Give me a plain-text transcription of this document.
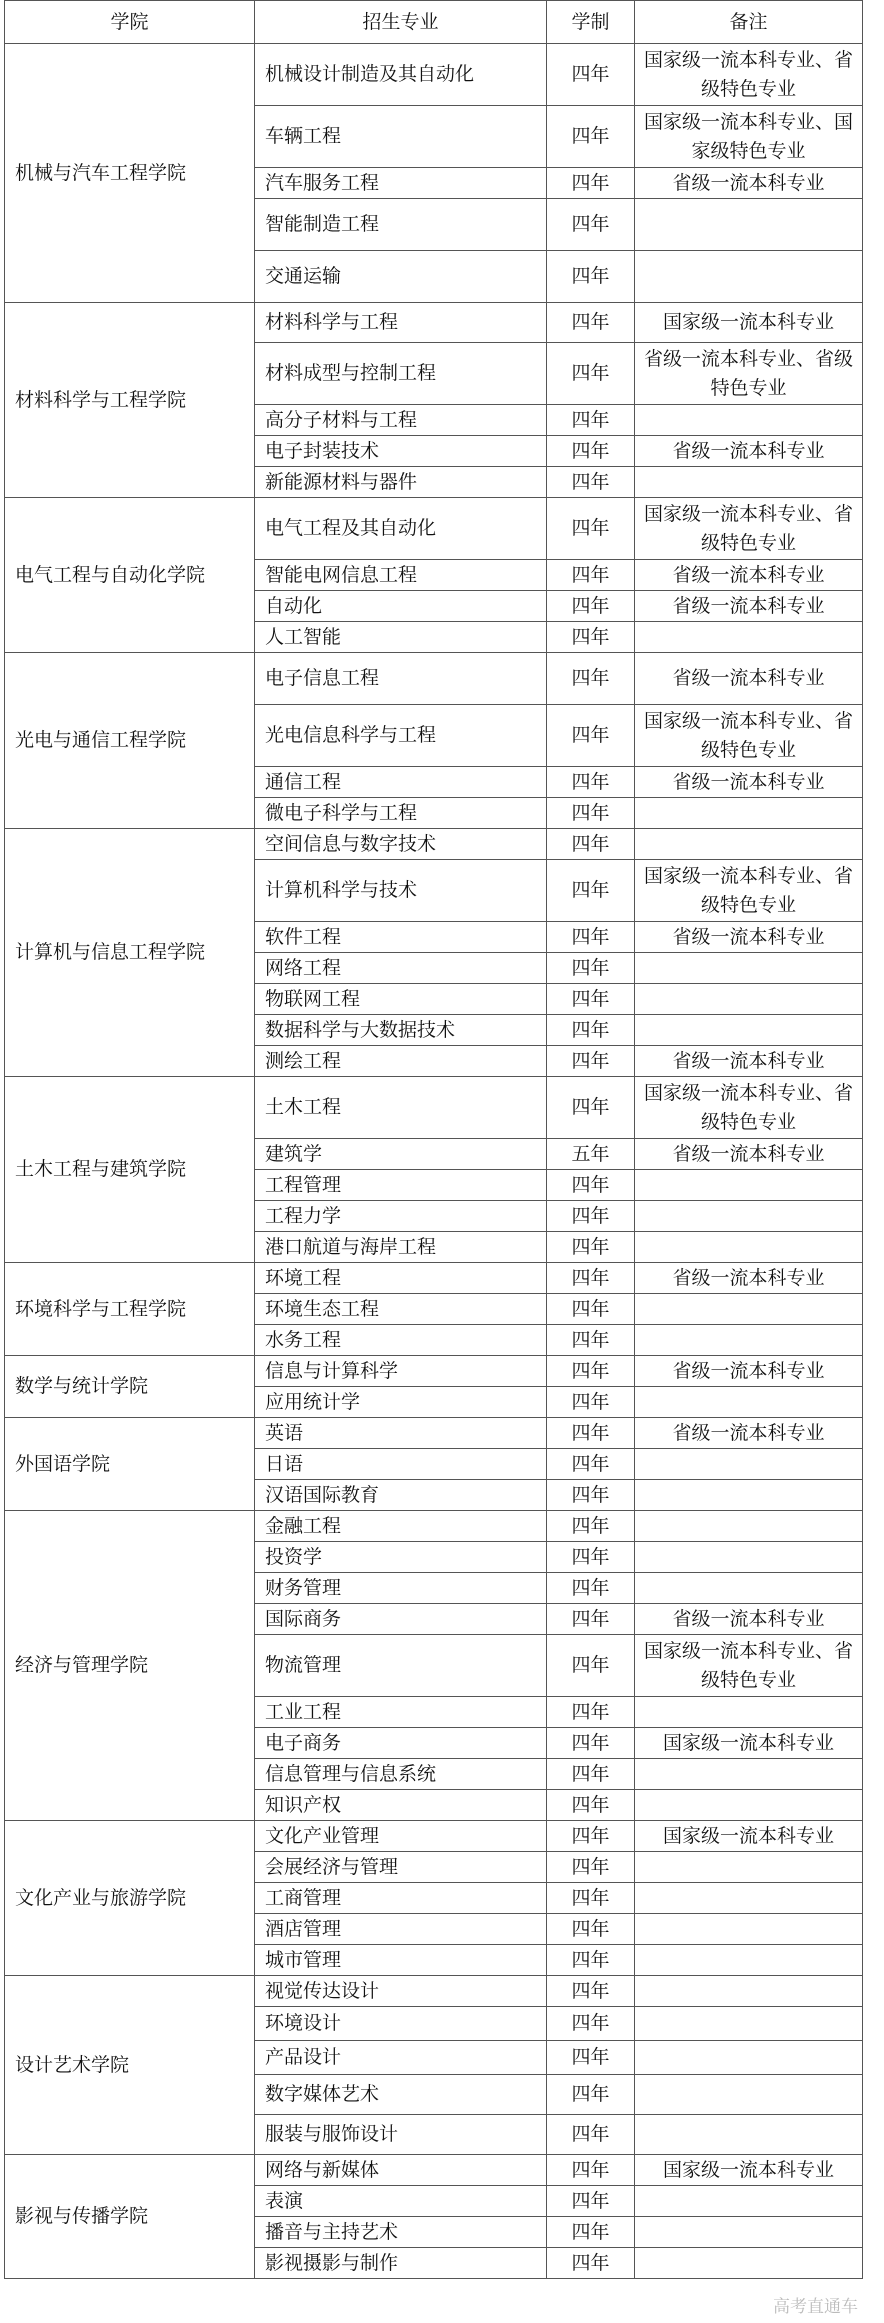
学院	招生专业	学制	备注
机械与汽车工程学院	机械设计制造及其自动化	四年	国家级一流本科专业、省级特色专业
	车辆工程	四年	国家级一流本科专业、国家级特色专业
	汽车服务工程	四年	省级一流本科专业
	智能制造工程	四年	
	交通运输	四年	
材料科学与工程学院	材料科学与工程	四年	国家级一流本科专业
	材料成型与控制工程	四年	省级一流本科专业、省级特色专业
	高分子材料与工程	四年	
	电子封装技术	四年	省级一流本科专业
	新能源材料与器件	四年	
电气工程与自动化学院	电气工程及其自动化	四年	国家级一流本科专业、省级特色专业
	智能电网信息工程	四年	省级一流本科专业
	自动化	四年	省级一流本科专业
	人工智能	四年	
光电与通信工程学院	电子信息工程	四年	省级一流本科专业
	光电信息科学与工程	四年	国家级一流本科专业、省级特色专业
	通信工程	四年	省级一流本科专业
	微电子科学与工程	四年	
计算机与信息工程学院	空间信息与数字技术	四年	
	计算机科学与技术	四年	国家级一流本科专业、省级特色专业
	软件工程	四年	省级一流本科专业
	网络工程	四年	
	物联网工程	四年	
	数据科学与大数据技术	四年	
	测绘工程	四年	省级一流本科专业
土木工程与建筑学院	土木工程	四年	国家级一流本科专业、省级特色专业
	建筑学	五年	省级一流本科专业
	工程管理	四年	
	工程力学	四年	
	港口航道与海岸工程	四年	
环境科学与工程学院	环境工程	四年	省级一流本科专业
	环境生态工程	四年	
	水务工程	四年	
数学与统计学院	信息与计算科学	四年	省级一流本科专业
	应用统计学	四年	
外国语学院	英语	四年	省级一流本科专业
	日语	四年	
	汉语国际教育	四年	
经济与管理学院	金融工程	四年	
	投资学	四年	
	财务管理	四年	
	国际商务	四年	省级一流本科专业
	物流管理	四年	国家级一流本科专业、省级特色专业
	工业工程	四年	
	电子商务	四年	国家级一流本科专业
	信息管理与信息系统	四年	
	知识产权	四年	
文化产业与旅游学院	文化产业管理	四年	国家级一流本科专业
	会展经济与管理	四年	
	工商管理	四年	
	酒店管理	四年	
	城市管理	四年	
设计艺术学院	视觉传达设计	四年	
	环境设计	四年	
	产品设计	四年	
	数字媒体艺术	四年	
	服装与服饰设计	四年	
影视与传播学院	网络与新媒体	四年	国家级一流本科专业
	表演	四年	
	播音与主持艺术	四年	
	影视摄影与制作	四年	
高考直通车
